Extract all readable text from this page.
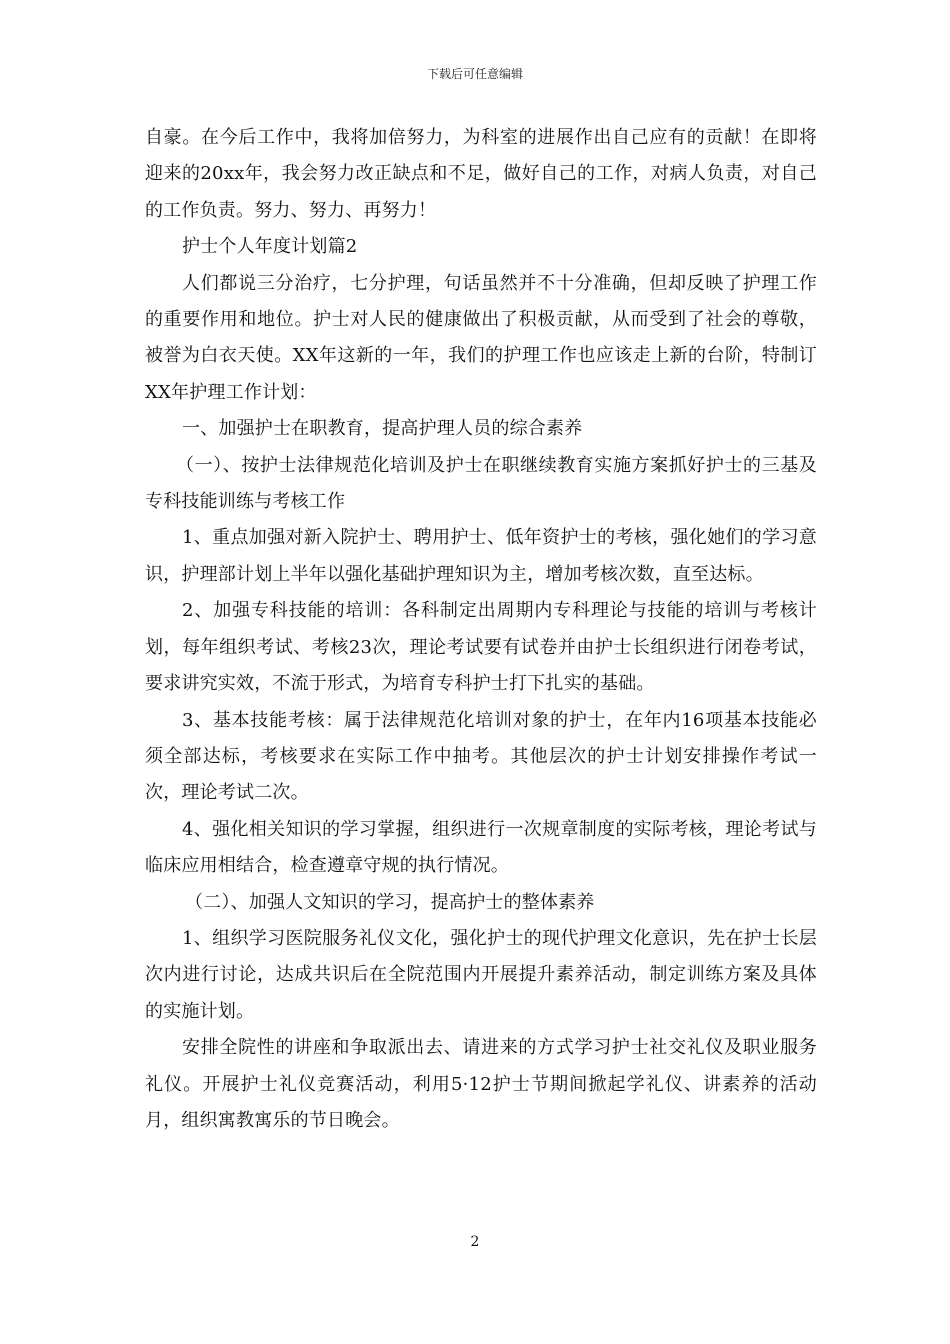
下载后可任意编辑

自豪。在今后工作中，我将加倍努力，为科室的进展作出自己应有的贡献！在即将迎来的20xx年，我会努力改正缺点和不足，做好自己的工作，对病人负责，对自己的工作负责。努力、努力、再努力！

护士个人年度计划篇2

人们都说三分治疗，七分护理，句话虽然并不十分准确，但却反映了护理工作的重要作用和地位。护士对人民的健康做出了积极贡献，从而受到了社会的尊敬，被誉为白衣天使。XX年这新的一年，我们的护理工作也应该走上新的台阶，特制订XX年护理工作计划：

一、加强护士在职教育，提高护理人员的综合素养

（一）、按护士法律规范化培训及护士在职继续教育实施方案抓好护士的三基及专科技能训练与考核工作

1、重点加强对新入院护士、聘用护士、低年资护士的考核，强化她们的学习意识，护理部计划上半年以强化基础护理知识为主，增加考核次数，直至达标。

2、加强专科技能的培训：各科制定出周期内专科理论与技能的培训与考核计划，每年组织考试、考核23次，理论考试要有试卷并由护士长组织进行闭卷考试，要求讲究实效，不流于形式，为培育专科护士打下扎实的基础。

3、基本技能考核：属于法律规范化培训对象的护士，在年内16项基本技能必须全部达标，考核要求在实际工作中抽考。其他层次的护士计划安排操作考试一次，理论考试二次。

4、强化相关知识的学习掌握，组织进行一次规章制度的实际考核，理论考试与临床应用相结合，检查遵章守规的执行情况。

（二）、加强人文知识的学习，提高护士的整体素养

1、组织学习医院服务礼仪文化，强化护士的现代护理文化意识，先在护士长层次内进行讨论，达成共识后在全院范围内开展提升素养活动，制定训练方案及具体的实施计划。

安排全院性的讲座和争取派出去、请进来的方式学习护士社交礼仪及职业服务礼仪。开展护士礼仪竞赛活动，利用5·12护士节期间掀起学礼仪、讲素养的活动月，组织寓教寓乐的节日晚会。

2
